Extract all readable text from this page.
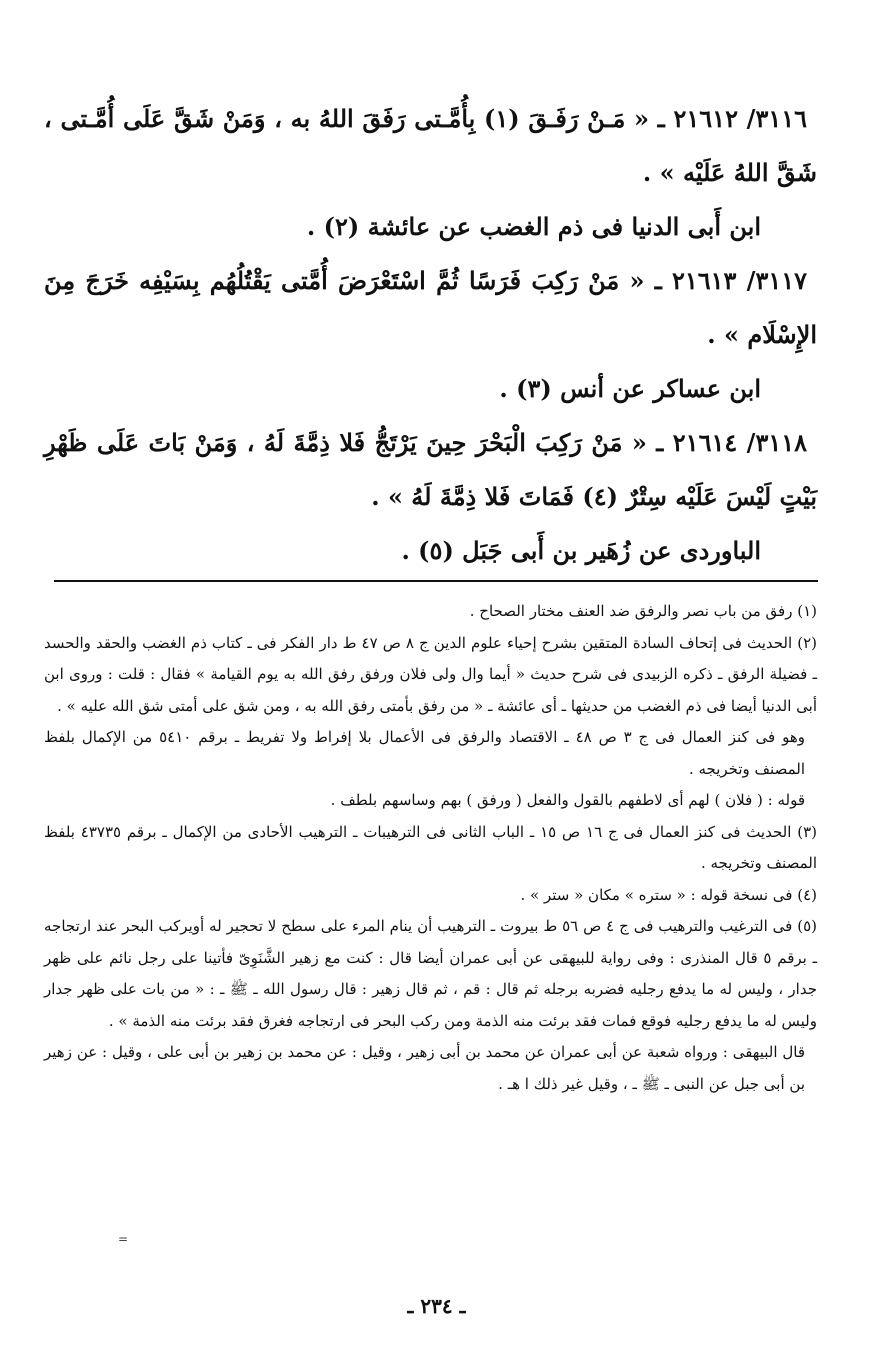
٣١١٦/ ٢١٦١٢ ـ « مَـنْ رَفَـقَ (١) بِأُمَّـتى رَفَقَ اللهُ به ، وَمَنْ شَقَّ عَلَى أُمَّـتى ، شَقَّ اللهُ عَلَيْه » .

ابن أَبى الدنيا فى ذم الغضب عن عائشة (٢) .

٣١١٧/ ٢١٦١٣ ـ « مَنْ رَكِبَ فَرَسًا ثُمَّ اسْتَعْرَضَ أُمَّتى يَقْتُلُهُم بِسَيْفِه خَرَجَ مِنَ الإِسْلَام » .

ابن عساكر عن أنس (٣) .

٣١١٨/ ٢١٦١٤ ـ « مَنْ رَكِبَ الْبَحْرَ حِينَ يَرْتَجُّ فَلا ذِمَّةَ لَهُ ، وَمَنْ بَاتَ عَلَى ظَهْرِ بَيْتٍ لَيْسَ عَلَيْه سِتْرٌ (٤) فَمَاتَ فَلا ذِمَّةَ لَهُ » .

الباوردى عن زُهَير بن أَبى جَبَل (٥) .

(١) رفق من باب نصر والرفق ضد العنف مختار الصحاح .

(٢) الحديث فى إتحاف السادة المتقين بشرح إحياء علوم الدين ج ٨ ص ٤٧ ط دار الفكر فى ـ كتاب ذم الغضب والحقد والحسد ـ فضيلة الرفق ـ ذكره الزبيدى فى شرح حديث « أيما وال ولى فلان ورفق رفق الله به يوم القيامة » فقال : قلت : وروى ابن أبى الدنيا أيضا فى ذم الغضب من حديثها ـ أى عائشة ـ « من رفق بأمتى رفق الله به ، ومن شق على أمتى شق الله عليه » .

وهو فى كنز العمال فى ج ٣ ص ٤٨ ـ الاقتصاد والرفق فى الأعمال بلا إفراط ولا تفريط ـ برقم ٥٤١٠ من الإكمال بلفظ المصنف وتخريجه .

قوله : ( فلان ) لهم أى لاطفهم بالقول والفعل ( ورفق ) بهم وساسهم بلطف .

(٣) الحديث فى كنز العمال فى ج ١٦ ص ١٥ ـ الباب الثانى فى الترهيبات ـ الترهيب الأحادى من الإكمال ـ برقم ٤٣٧٣٥ بلفظ المصنف وتخريجه .

(٤) فى نسخة قوله : « ستره » مكان « ستر » .

(٥) فى الترغيب والترهيب فى ج ٤ ص ٥٦ ط بيروت ـ الترهيب أن ينام المرء على سطح لا تحجير له أويركب البحر عند ارتجاجه ـ برقم ٥ قال المنذرى : وفى رواية للبيهقى عن أبى عمران أيضا قال : كنت مع زهير الشَّنَوِىّ فأتينا على رجل نائم على ظهر جدار ، وليس له ما يدفع رجليه فضربه برجله ثم قال : قم ، ثم قال زهير : قال رسول الله ـ ﷺ ـ : « من بات على ظهر جدار وليس له ما يدفع رجليه فوقع فمات فقد برئت منه الذمة ومن ركب البحر فى ارتجاجه فغرق فقد برئت منه الذمة » .

قال البيهقى : ورواه شعبة عن أبى عمران عن محمد بن أبى زهير ، وقيل : عن محمد بن زهير بن أبى على ، وقيل : عن زهير بن أبى جبل عن النبى ـ ﷺ ـ ، وقيل غير ذلك ا هـ .

=
ـ ٢٣٤ ـ
